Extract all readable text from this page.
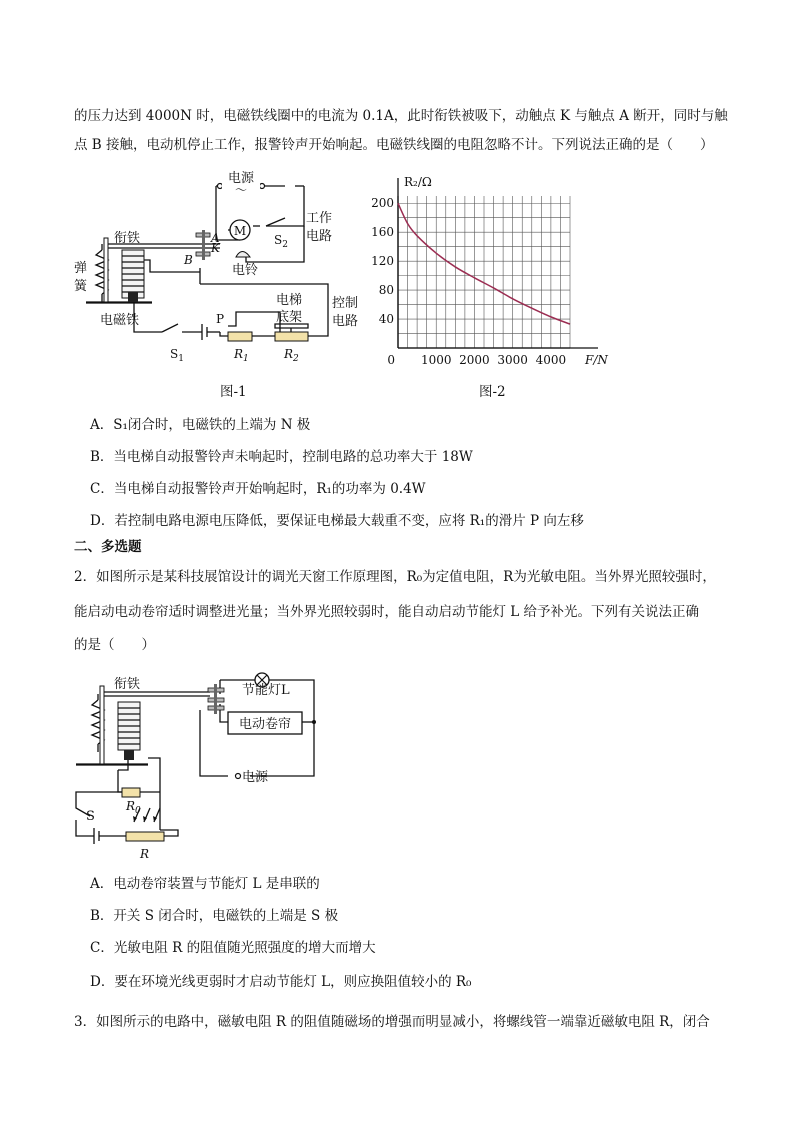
的压力达到 4000N 时，电磁铁线圈中的电流为 0.1A，此时衔铁被吸下，动触点 K 与触点 A 断开，同时与触
点 B 接触，电动机停止工作，报警铃声开始响起。电磁铁线圈的电阻忽略不计。下列说法正确的是（　　）
电源
～
衔铁
弹
簧
电磁铁
M
A
B
K
$S_2$
电铃
工作
电路
控制
电路
电梯
底架
$S_1$
P
$R_1$	$R_2$
图-1
40
80
120
160
200
0 1000 2000 3000 4000
R₂/Ω
F/N
图-2
A．S₁闭合时，电磁铁的上端为 N 极
B．当电梯自动报警铃声未响起时，控制电路的总功率大于 18W
C．当电梯自动报警铃声开始响起时，R₁的功率为 0.4W
D．若控制电路电源电压降低，要保证电梯最大载重不变，应将 R₁的滑片 P 向左移
二、多选题
2．如图所示是某科技展馆设计的调光天窗工作原理图，R₀为定值电阻，R为光敏电阻。当外界光照较强时，
能启动电动卷帘适时调整进光量；当外界光照较弱时，能自动启动节能灯 L 给予补光。下列有关说法正确
的是（　　）
衔铁	节能灯L
电动卷帘
电源
S
$R_0$
R
A．电动卷帘装置与节能灯 L 是串联的
B．开关 S 闭合时，电磁铁的上端是 S 极
C．光敏电阻 R 的阻值随光照强度的增大而增大
D．要在环境光线更弱时才启动节能灯 L，则应换阻值较小的 R₀
3．如图所示的电路中，磁敏电阻 R 的阻值随磁场的增强而明显减小，将螺线管一端靠近磁敏电阻 R，闭合
